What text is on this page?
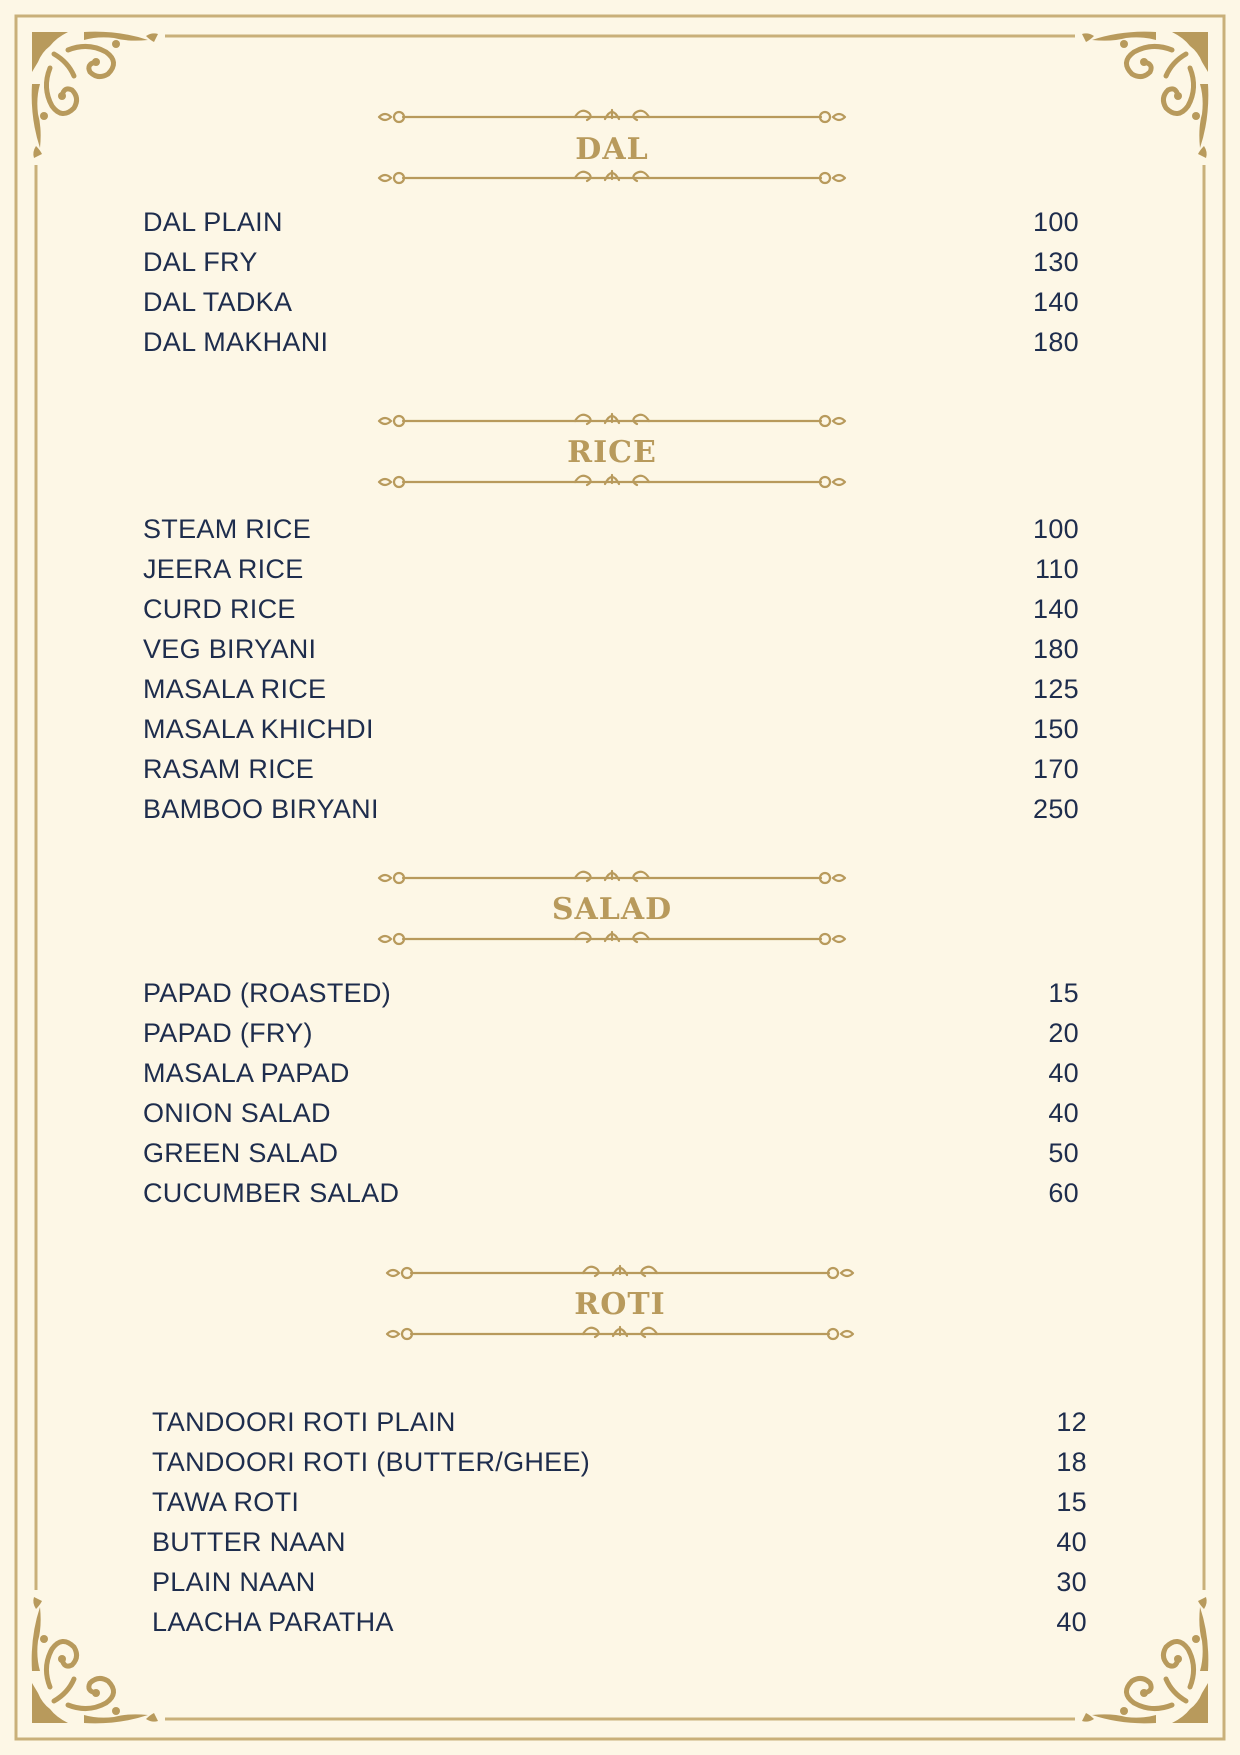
DAL
DAL PLAIN	100
DAL FRY	130
DAL TADKA	140
DAL MAKHANI	180
RICE
STEAM RICE	100
JEERA RICE	110
CURD RICE	140
VEG BIRYANI	180
MASALA RICE	125
MASALA KHICHDI	150
RASAM RICE	170
BAMBOO BIRYANI	250
SALAD
PAPAD (ROASTED)	15
PAPAD (FRY)	20
MASALA PAPAD	40
ONION SALAD	40
GREEN SALAD	50
CUCUMBER SALAD	60
ROTI
TANDOORI ROTI PLAIN	12
TANDOORI ROTI (BUTTER/GHEE)	18
TAWA ROTI	15
BUTTER NAAN	40
PLAIN NAAN	30
LAACHA PARATHA	40
